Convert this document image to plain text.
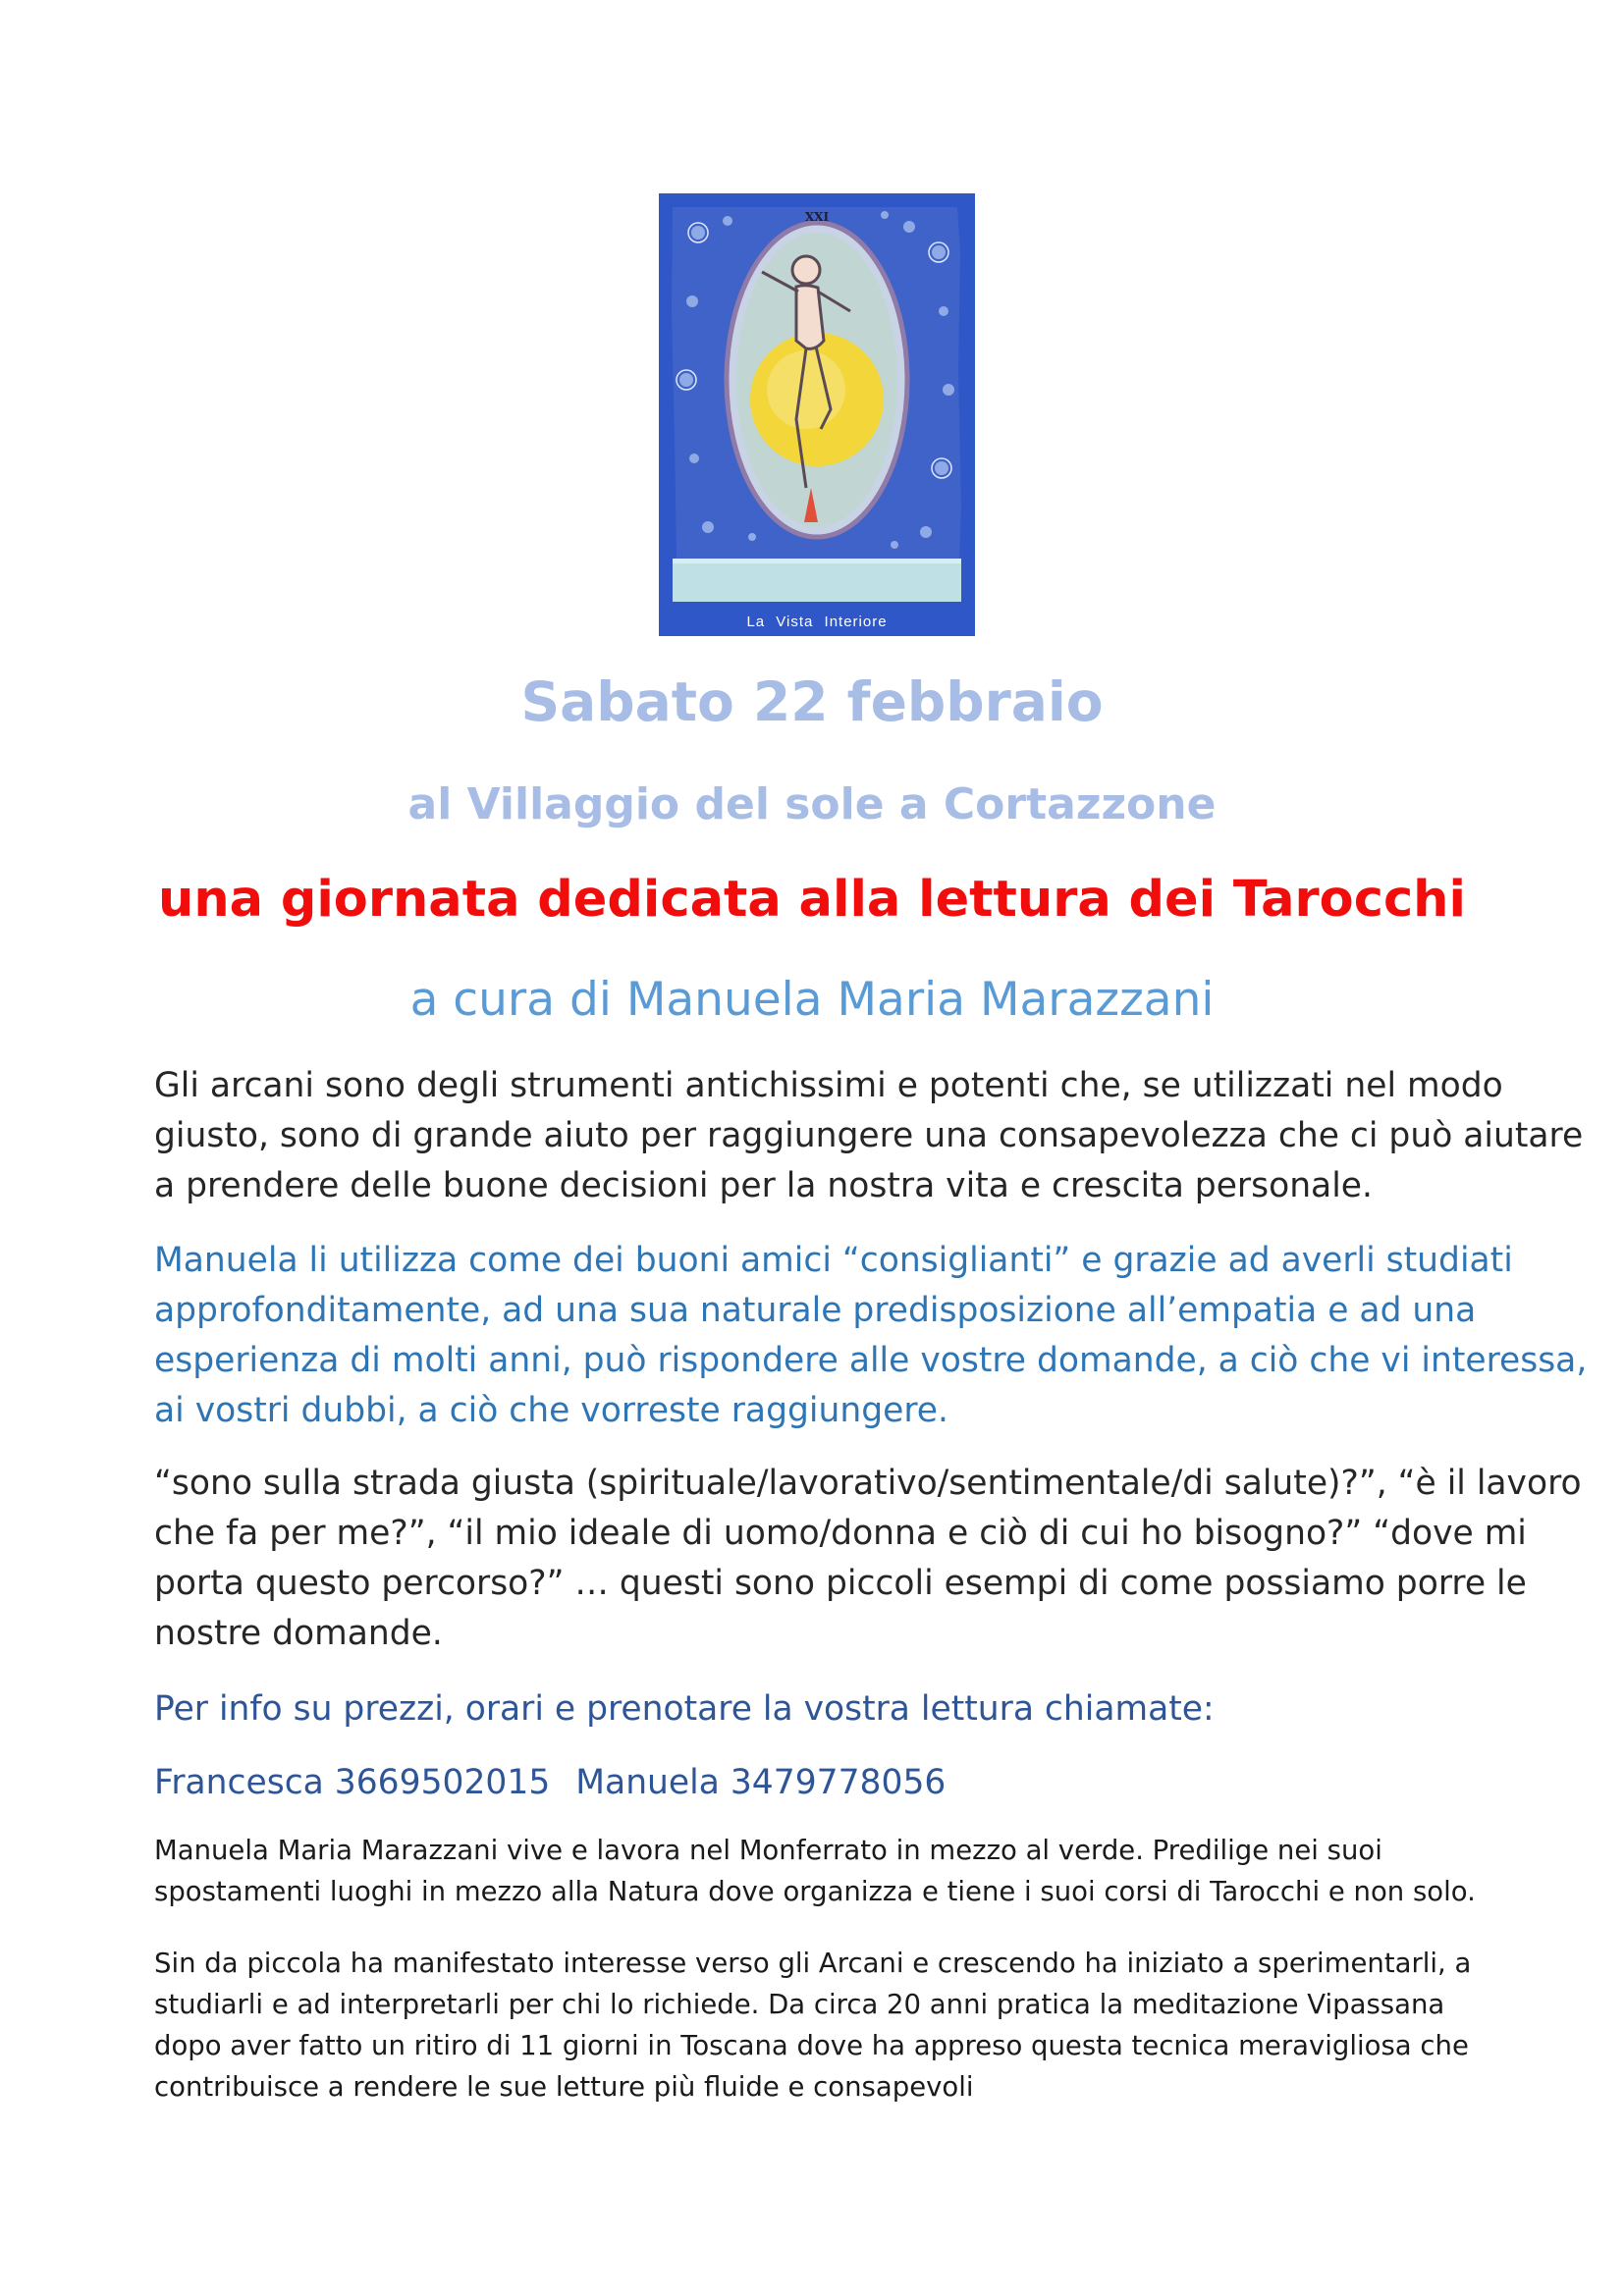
XXI
La Vista Interiore
Sabato 22 febbraio
al Villaggio del sole a Cortazzone
una giornata dedicata alla lettura dei Tarocchi
a cura di Manuela Maria Marazzani

Gli arcani sono degli strumenti antichissimi e potenti che, se utilizzati nel modo
giusto, sono di grande aiuto per raggiungere una consapevolezza che ci può aiutare
a prendere delle buone decisioni per la nostra vita e crescita personale.

Manuela li utilizza come dei buoni amici “consiglianti” e grazie ad averli studiati
approfonditamente, ad una sua naturale predisposizione all’empatia e ad una
esperienza di molti anni, può rispondere alle vostre domande, a ciò che vi interessa,
ai vostri dubbi, a ciò che vorreste raggiungere.

“sono sulla strada giusta (spirituale/lavorativo/sentimentale/di salute)?”, “è il lavoro
che fa per me?”, “il mio ideale di uomo/donna e ciò di cui ho bisogno?” “dove mi
porta questo percorso?” … questi sono piccoli esempi di come possiamo porre le
nostre domande.

Per info su prezzi, orari e prenotare la vostra lettura chiamate:

Francesca 3669502015 Manuela 3479778056

Manuela Maria Marazzani vive e lavora nel Monferrato in mezzo al verde. Predilige nei suoi
spostamenti luoghi in mezzo alla Natura dove organizza e tiene i suoi corsi di Tarocchi e non solo.

Sin da piccola ha manifestato interesse verso gli Arcani e crescendo ha iniziato a sperimentarli, a
studiarli e ad interpretarli per chi lo richiede. Da circa 20 anni pratica la meditazione Vipassana
dopo aver fatto un ritiro di 11 giorni in Toscana dove ha appreso questa tecnica meravigliosa che
contribuisce a rendere le sue letture più fluide e consapevoli
